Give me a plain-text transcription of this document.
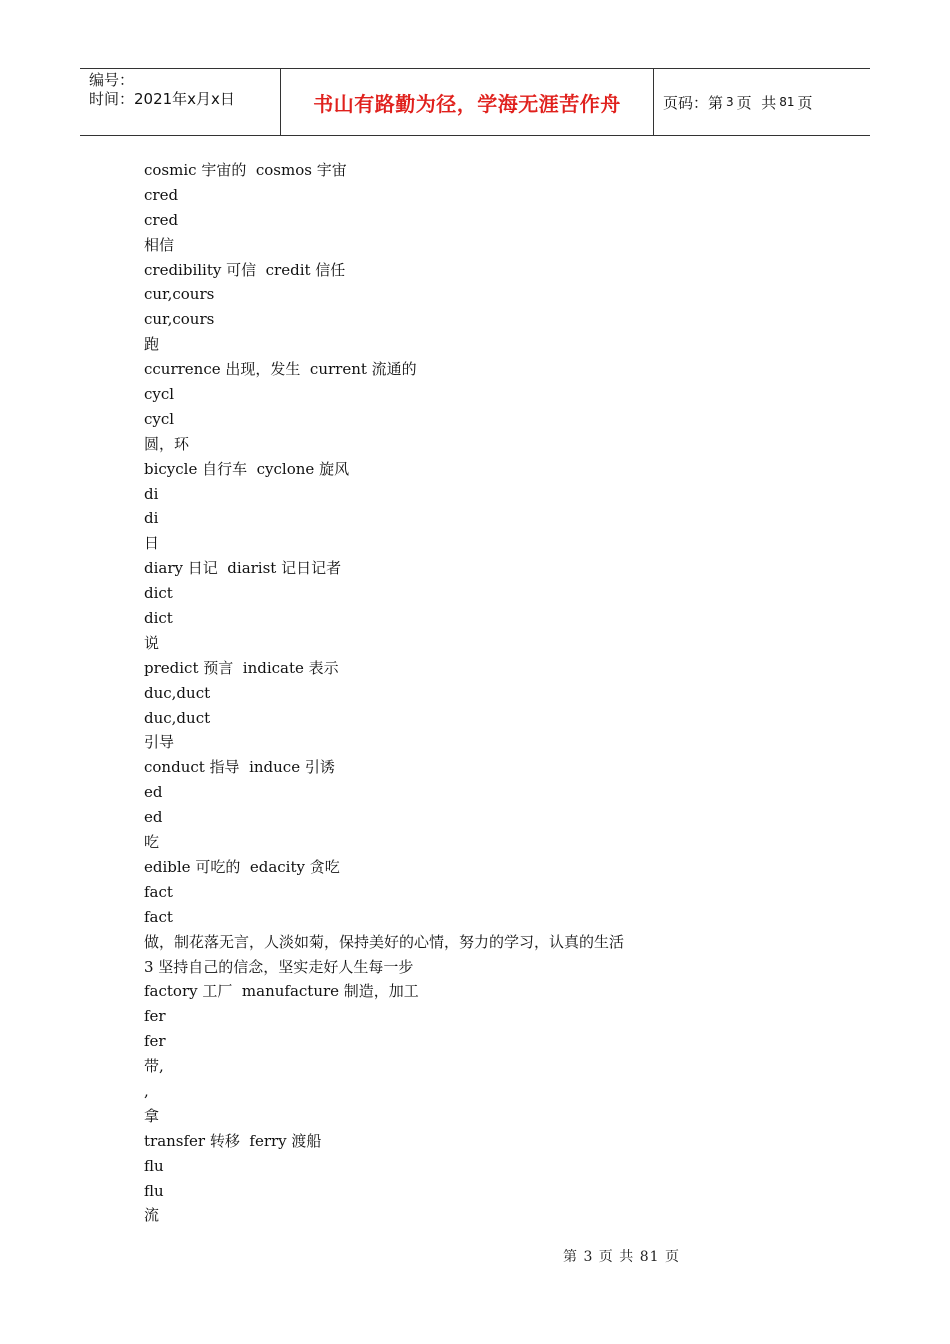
编号：
时间：2021年x月x日	书山有路勤为径，学海无涯苦作舟	页码：第 3 页  共 81 页
cosmic 宇宙的  cosmos 宇宙
cred
cred
相信
credibility 可信  credit 信任
cur,cours
cur,cours
跑
ccurrence 出现，发生  current 流通的
cycl
cycl
圆，环
bicycle 自行车  cyclone 旋风
di
di
日
diary 日记  diarist 记日记者
dict
dict
说
predict 预言  indicate 表示
duc,duct
duc,duct
引导
conduct 指导  induce 引诱
ed
ed
吃
edible 可吃的  edacity 贪吃
fact
fact
做，制花落无言，人淡如菊，保持美好的心情，努力的学习，认真的生活
3 坚持自己的信念，坚实走好人生每一步
factory 工厂  manufacture 制造，加工
fer
fer
带,
,
拿
transfer 转移  ferry 渡船
flu
flu
流
第 3 页 共 81 页
